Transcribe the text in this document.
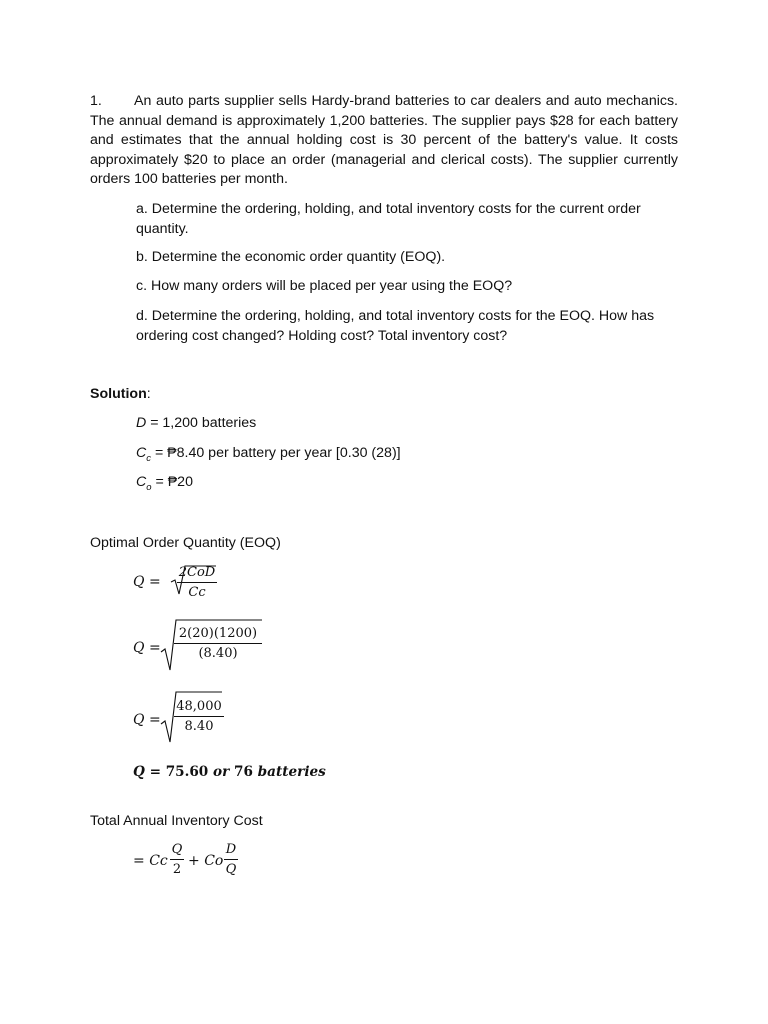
1. An auto parts supplier sells Hardy-brand batteries to car dealers and auto mechanics. The annual demand is approximately 1,200 batteries. The supplier pays $28 for each battery and estimates that the annual holding cost is 30 percent of the battery's value. It costs approximately $20 to place an order (managerial and clerical costs). The supplier currently orders 100 batteries per month.
a. Determine the ordering, holding, and total inventory costs for the current order quantity.
b. Determine the economic order quantity (EOQ).
c. How many orders will be placed per year using the EOQ?
d. Determine the ordering, holding, and total inventory costs for the EOQ. How has ordering cost changed? Holding cost? Total inventory cost?
Solution:
D = 1,200 batteries
$C_c$ = ₱8.40 per battery per year [0.30 (28)]
$C_o$ = ₱20
Optimal Order Quantity (EOQ)
Q =
2CoD
Cc
Q =
2(20)(1200)
(8.40)
Q =
48,000
8.40
Q = 75.60 or 76 batteries
Total Annual Inventory Cost
= Cc
Q
2
+ Co
D
Q
